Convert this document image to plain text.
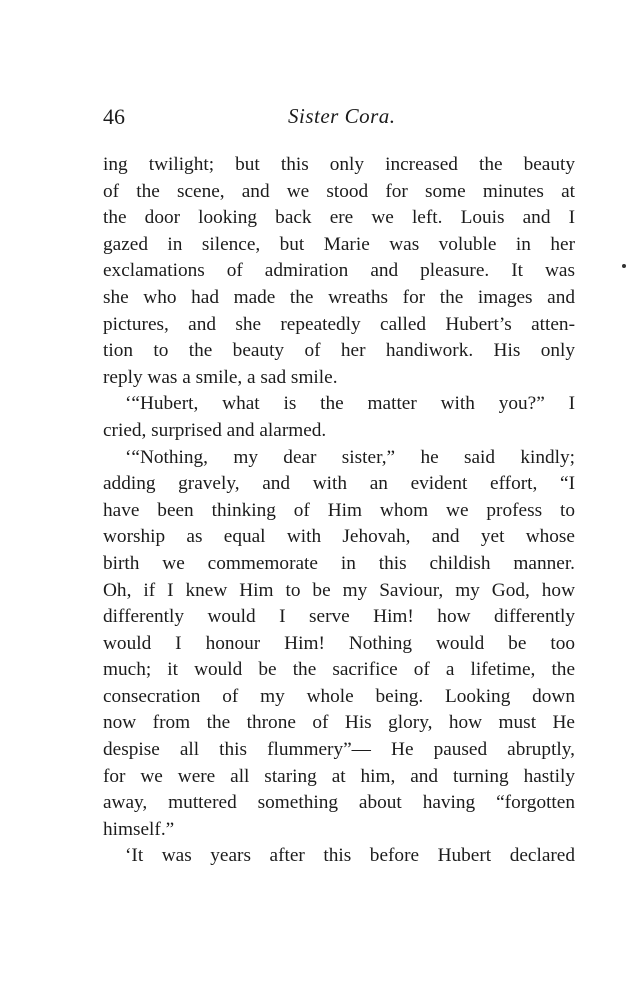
46	Sister Cora.
ing twilight; but this only increased the beauty
of the scene, and we stood for some minutes at
the door looking back ere we left. Louis and I
gazed in silence, but Marie was voluble in her
exclamations of admiration and pleasure. It was
she who had made the wreaths for the images and
pictures, and she repeatedly called Hubert’s atten-
tion to the beauty of her handiwork. His only
reply was a smile, a sad smile.
‘“Hubert, what is the matter with you?” I
cried, surprised and alarmed.
‘“Nothing, my dear sister,” he said kindly;
adding gravely, and with an evident effort, “I
have been thinking of Him whom we profess to
worship as equal with Jehovah, and yet whose
birth we commemorate in this childish manner.
Oh, if I knew Him to be my Saviour, my God, how
differently would I serve Him! how differently
would I honour Him! Nothing would be too
much; it would be the sacrifice of a lifetime, the
consecration of my whole being. Looking down
now from the throne of His glory, how must He
despise all this flummery”— He paused abruptly,
for we were all staring at him, and turning hastily
away, muttered something about having “forgotten
himself.”
‘It was years after this before Hubert declared
